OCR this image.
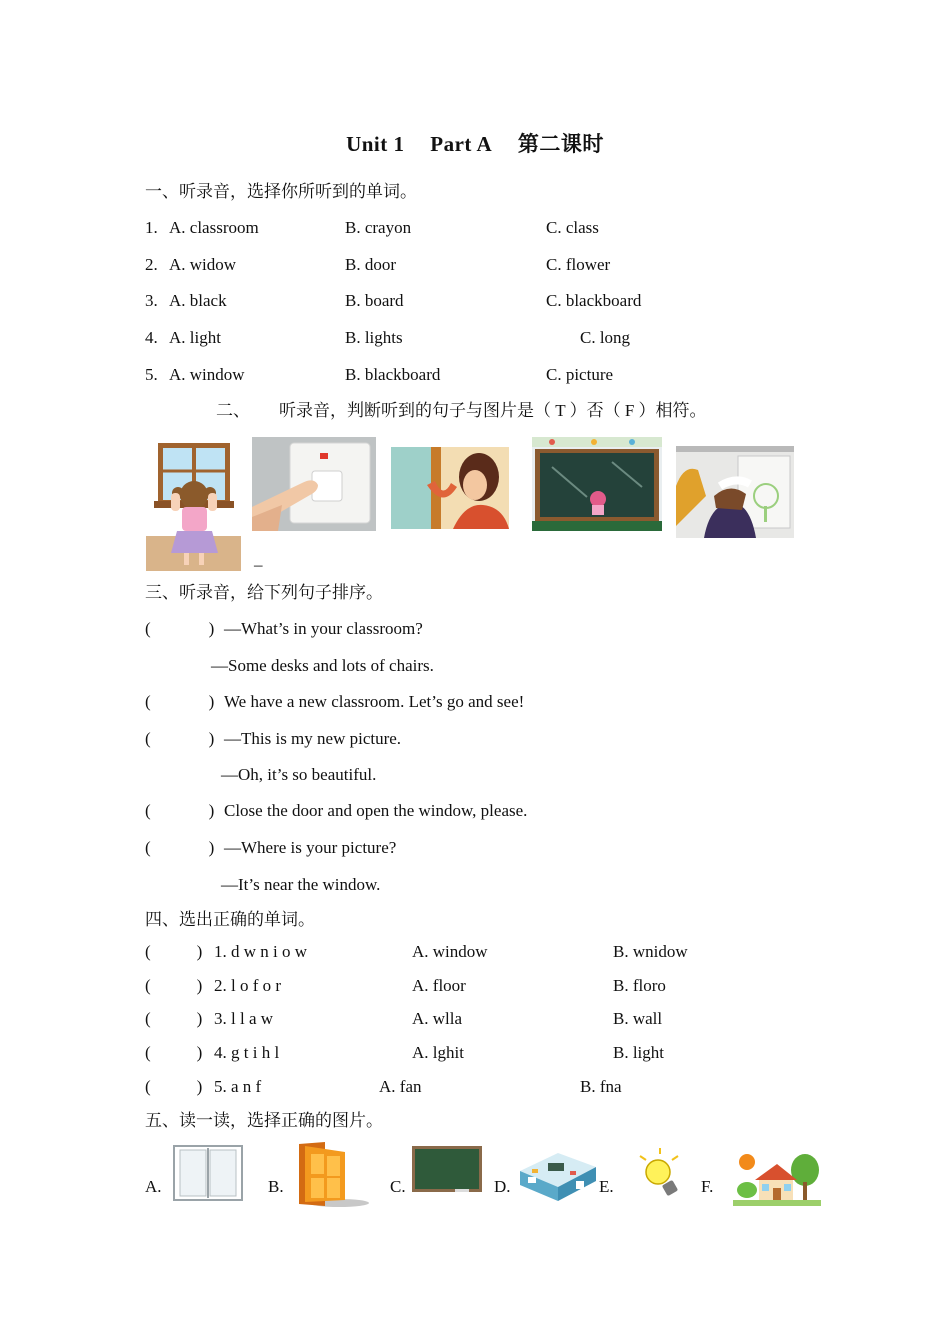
Unit 1 Part A 第二课时
一、听录音，选择你所听到的单词。
1. A. classroom	B. crayon	C. class
2. A. widow	B. door	C. flower
3. A. black	B. board	C. blackboard
4. A. light	B. lights	C. long
5. A. window	B. blackboard	C. picture
二、 听录音，判断听到的句子与图片是（ T ）否（ F ）相符。
–
三、听录音，给下列句子排序。
(	) —What’s in your classroom?
—Some desks and lots of chairs.
(	) We have a new classroom. Let’s go and see!
(	) —This is my new picture.
—Oh, it’s so beautiful.
(	) Close the door and open the window, please.
(	) —Where is your picture?
—It’s near the window.
四、选出正确的单词。
(	) 1. d w n i o w	A. window	B. wnidow
(	) 2. l o f o r	A. floor	B. floro
(	) 3. l l a w	A. wlla	B. wall
(	) 4. g t i h l	A. lghit	B. light
(	) 5. a n f	A. fan	B. fna
五、读一读，选择正确的图片。
A.	B.	C.	D.	E.	F.
